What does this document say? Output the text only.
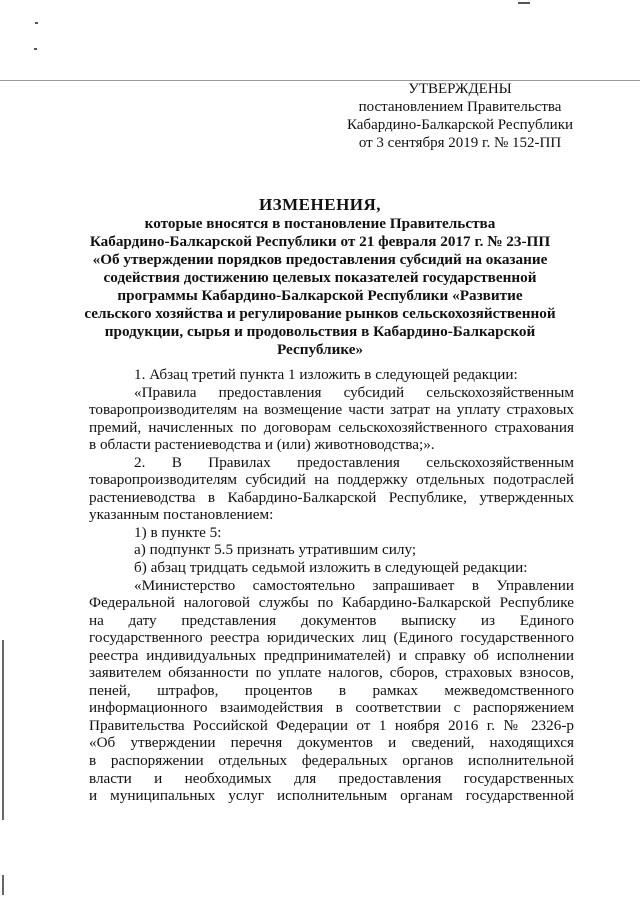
УТВЕРЖДЕНЫ
постановлением Правительства
Кабардино-Балкарской Республики
от 3 сентября 2019 г. № 152-ПП
ИЗМЕНЕНИЯ,
которые вносятся в постановление Правительства
Кабардино-Балкарской Республики от 21 февраля 2017 г. № 23-ПП
«Об утверждении порядков предоставления субсидий на оказание
содействия достижению целевых показателей государственной
программы Кабардино-Балкарской Республики «Развитие
сельского хозяйства и регулирование рынков сельскохозяйственной
продукции, сырья и продовольствия в Кабардино-Балкарской
Республике»
1. Абзац третий пункта 1 изложить в следующей редакции:
«Правила предоставления субсидий сельскохозяйственным
товаропроизводителям на возмещение части затрат на уплату страховых
премий, начисленных по договорам сельскохозяйственного страхования
в области растениеводства и (или) животноводства;».
2. В Правилах предоставления сельскохозяйственным
товаропроизводителям субсидий на поддержку отдельных подотраслей
растениеводства в Кабардино-Балкарской Республике, утвержденных
указанным постановлением:
1) в пункте 5:
а) подпункт 5.5 признать утратившим силу;
б) абзац тридцать седьмой изложить в следующей редакции:
«Министерство самостоятельно запрашивает в Управлении
Федеральной налоговой службы по Кабардино-Балкарской Республике
на дату представления документов выписку из Единого
государственного реестра юридических лиц (Единого государственного
реестра индивидуальных предпринимателей) и справку об исполнении
заявителем обязанности по уплате налогов, сборов, страховых взносов,
пеней, штрафов, процентов в рамках межведомственного
информационного взаимодействия в соответствии с распоряжением
Правительства Российской Федерации от 1 ноября 2016 г. № 2326-р
«Об утверждении перечня документов и сведений, находящихся
в распоряжении отдельных федеральных органов исполнительной
власти и необходимых для предоставления государственных
и муниципальных услуг исполнительным органам государственной
